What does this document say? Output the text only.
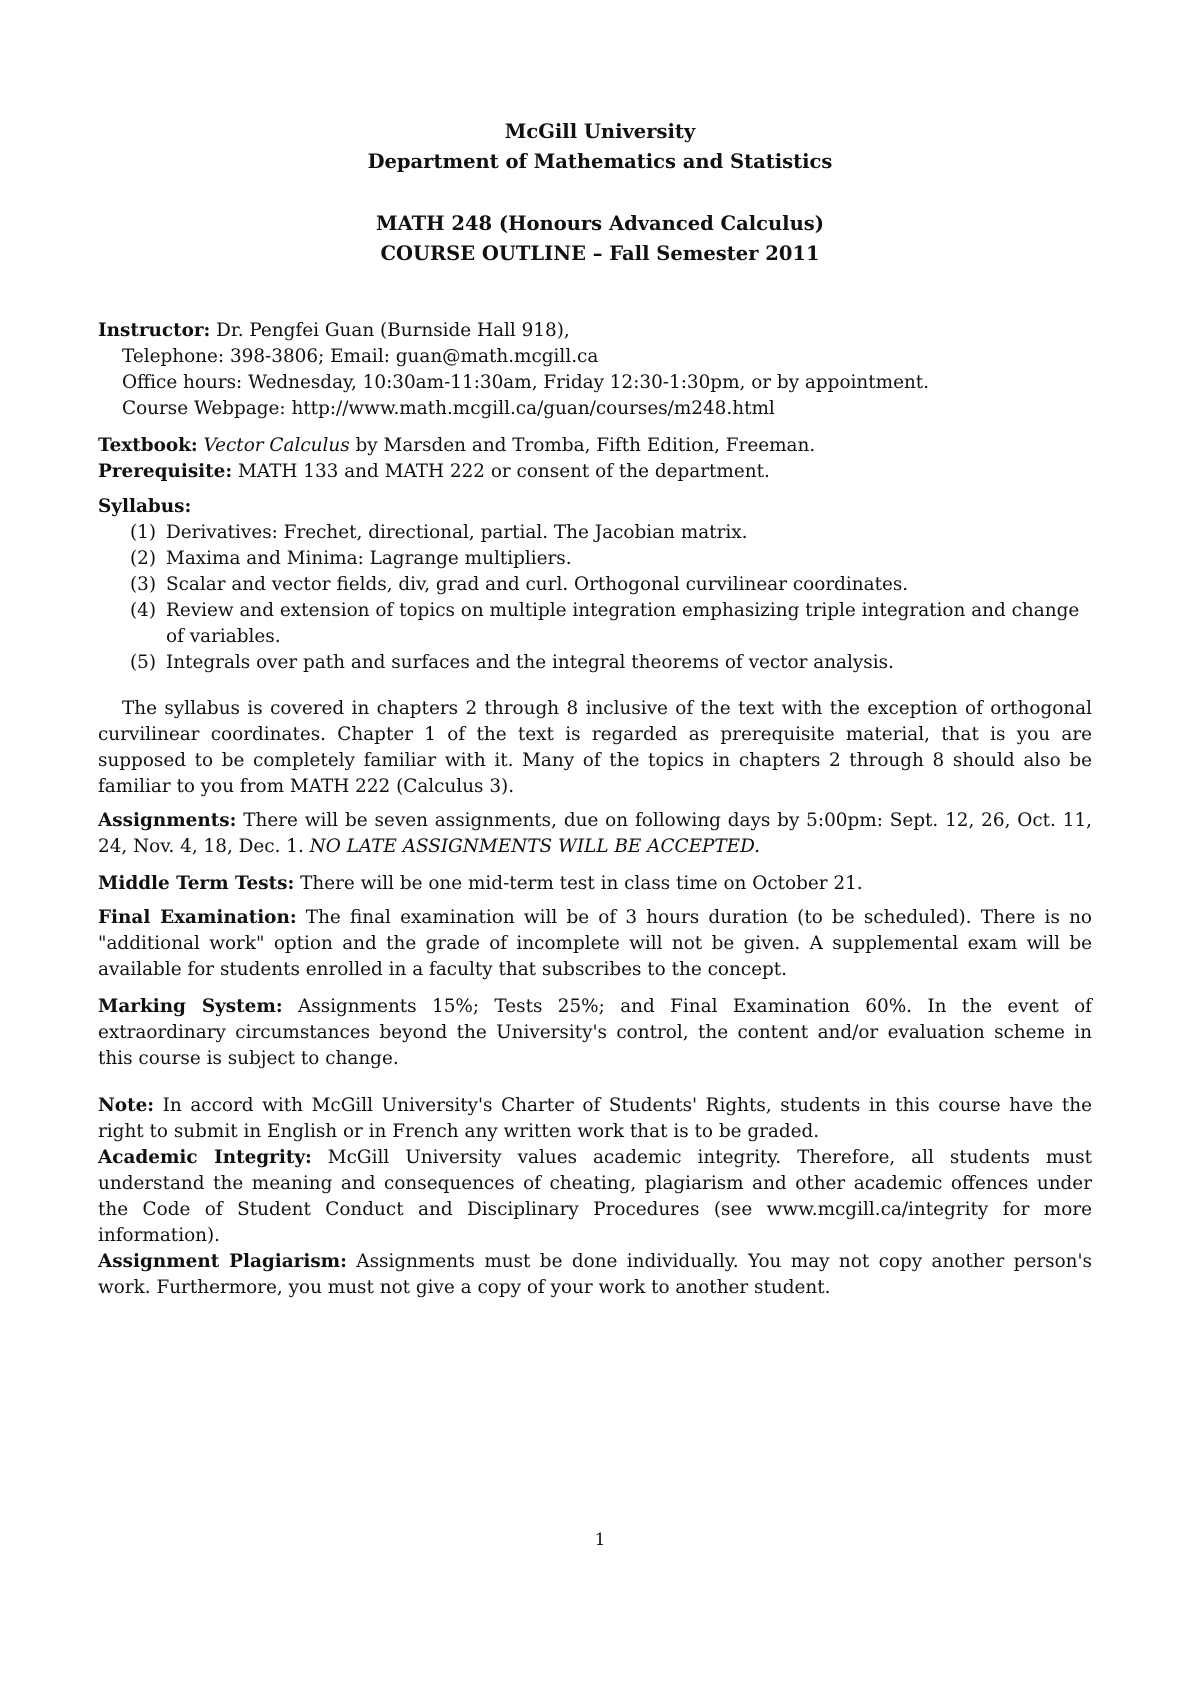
McGill University
Department of Mathematics and Statistics
MATH 248 (Honours Advanced Calculus)
COURSE OUTLINE – Fall Semester 2011

Instructor: Dr. Pengfei Guan (Burnside Hall 918),

Telephone: 398-3806; Email: guan@math.mcgill.ca

Office hours: Wednesday, 10:30am-11:30am, Friday 12:30-1:30pm, or by appointment.

Course Webpage: http://www.math.mcgill.ca/guan/courses/m248.html

Textbook: Vector Calculus by Marsden and Tromba, Fifth Edition, Freeman.

Prerequisite: MATH 133 and MATH 222 or consent of the department.

Syllabus:

(1) Derivatives: Frechet, directional, partial. The Jacobian matrix.
(2) Maxima and Minima: Lagrange multipliers.
(3) Scalar and vector fields, div, grad and curl. Orthogonal curvilinear coordinates.
(4) Review and extension of topics on multiple integration emphasizing triple integration and change of variables.
(5) Integrals over path and surfaces and the integral theorems of vector analysis.

The syllabus is covered in chapters 2 through 8 inclusive of the text with the exception of orthogonal curvilinear coordinates. Chapter 1 of the text is regarded as prerequisite material, that is you are supposed to be completely familiar with it. Many of the topics in chapters 2 through 8 should also be familiar to you from MATH 222 (Calculus 3).

Assignments: There will be seven assignments, due on following days by 5:00pm: Sept. 12, 26, Oct. 11, 24, Nov. 4, 18, Dec. 1. NO LATE ASSIGNMENTS WILL BE ACCEPTED.

Middle Term Tests: There will be one mid-term test in class time on October 21.

Final Examination: The final examination will be of 3 hours duration (to be scheduled). There is no "additional work" option and the grade of incomplete will not be given. A supplemental exam will be available for students enrolled in a faculty that subscribes to the concept.

Marking System: Assignments 15%; Tests 25%; and Final Examination 60%. In the event of extraordinary circumstances beyond the University's control, the content and/or evaluation scheme in this course is subject to change.

Note: In accord with McGill University's Charter of Students' Rights, students in this course have the right to submit in English or in French any written work that is to be graded.

Academic Integrity: McGill University values academic integrity. Therefore, all students must understand the meaning and consequences of cheating, plagiarism and other academic offences under the Code of Student Conduct and Disciplinary Procedures (see www.mcgill.ca/integrity for more information).

Assignment Plagiarism: Assignments must be done individually. You may not copy another person's work. Furthermore, you must not give a copy of your work to another student.

1
